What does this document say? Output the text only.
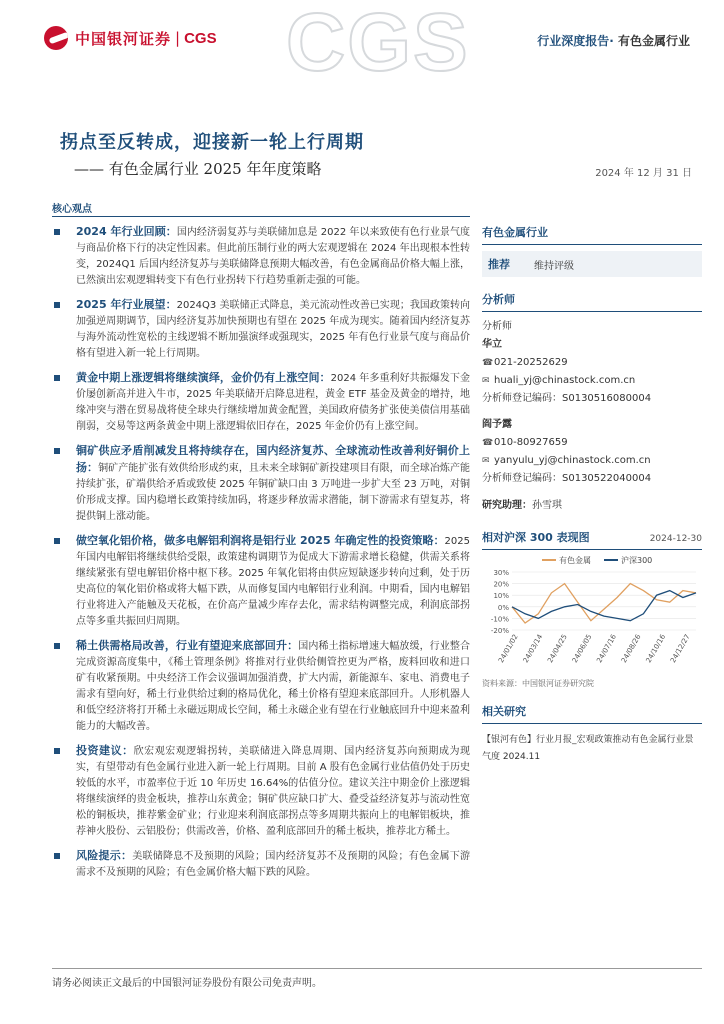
中国银河证券 | CGS CGS	行业深度报告· 有色金属行业
拐点至反转成，迎接新一轮上行周期
—— 有色金属行业 2025 年年度策略	2024 年 12 月 31 日
核心观点
2024 年行业回顾：国内经济弱复苏与美联储加息是 2022 年以来致使有色行业景气度与商品价格下行的决定性因素。但此前压制行业的两大宏观逻辑在 2024 年出现根本性转变，2024Q1 后国内经济复苏与美联储降息预期大幅改善，有色金属商品价格大幅上涨，已然演出宏观逻辑转变下有色行业拐转下行趋势重新走强的可能。
2025 年行业展望：2024Q3 美联储正式降息，美元流动性改善已实现；我国政策转向加强逆周期调节，国内经济复苏加快预期也有望在 2025 年成为现实。随着国内经济复苏与海外流动性宽松的主线逻辑不断加强演绎或强现实，2025 年有色行业景气度与商品价格有望进入新一轮上行周期。
黄金中期上涨逻辑将继续演绎，金价仍有上涨空间：2024 年多重利好共振爆发下金价屡创新高并进入牛市，2025 年美联储开启降息进程，黄金 ETF 基金及黄金的增持，地缘冲突与潜在贸易战将使全球央行继续增加黄金配置，美国政府债务扩张使美债信用基础削弱，交易等这两条黄金中期上涨逻辑依旧存在，2025 年金价仍有上涨空间。
铜矿供应矛盾削减发且将持续存在，国内经济复苏、全球流动性改善利好铜价上扬：铜矿产能扩张有效供给形成约束，且未来全球铜矿新投建项目有限，而全球冶炼产能持续扩张，矿端供给矛盾或致使 2025 年铜矿缺口由 3 万吨进一步扩大至 23 万吨，对铜价形成支撑。国内稳增长政策持续加码，将逐步释放需求潜能，制下游需求有望复苏，将提供铜上涨动能。
做空氧化铝价格，做多电解铝利润将是铝行业 2025 年确定性的投资策略：2025 年国内电解铝将继续供给受限，政策建构调期节为促成大下游需求增长稳健，供需关系将继续紧张有望电解铝价格中枢下移。2025 年氧化铝将由供应短缺逐步转向过剩，处于历史高位的氧化铝价格或将大幅下跌，从而修复国内电解铝行业利润。中期看，国内电解铝行业将进入产能触及天花板，在价高产量减少库存去化，需求结构调整完成，利润底部拐点等多重共振回归周期。
稀土供需格局改善，行业有望迎来底部回升：国内稀土指标增速大幅放缓，行业整合完成资源高度集中，《稀土管理条例》将推对行业供给侧管控更为严格，废料回收和进口矿有收紧预期。中央经济工作会议强调加强消费，扩大内需，新能源车、家电、消费电子需求有望向好，稀土行业供给过剩的格局优化，稀土价格有望迎来底部回升。人形机器人和低空经济将打开稀土永磁远期成长空间，稀土永磁企业有望在行业触底回升中迎来盈利能力的大幅改善。
投资建议：欣宏观宏观逻辑拐转，美联储进入降息周期、国内经济复苏向预期成为现实，有望带动有色金属行业进入新一轮上行周期。目前 A 股有色金属行业估值仍处于历史较低的水平，市盈率位于近 10 年历史 16.64%的估值分位。建议关注中期金价上涨逻辑将继续演绎的贵金板块，推荐山东黄金；铜矿供应缺口扩大、叠受益经济复苏与流动性宽松的铜板块，推荐紫金矿业；行业迎来利润底部拐点等多周期共振向上的电解铝板块，推荐神火股份、云铝股份；供需改善，价格、盈利底部回升的稀土板块，推荐北方稀土。
风险提示：美联储降息不及预期的风险；国内经济复苏不及预期的风险；有色金属下游需求不及预期的风险；有色金属价格大幅下跌的风险。
有色金属行业
推荐	维持评级
分析师
分析师
华立
☎ 021-20252629
✉ huali_yj@chinastock.com.cn
分析师登记编码： S0130516080004
阎予露
☎ 010-80927659
✉ yanyulu_yj@chinastock.com.cn
分析师登记编码： S0130522040004
研究助理：孙雪琪
相对沪深 300 表现图	2024-12-30
有色金属	沪深300
30%
20%
10%
0%
-10%
-20%
24/01/02 24/03/14 24/04/25 24/06/05 24/07/16 24/08/26 24/10/16 24/12/27
资料来源：中国银河证券研究院
相关研究
【银河有色】行业月报_宏观政策推动有色金属行业景气度 2024.11
请务必阅读正文最后的中国银河证券股份有限公司免责声明。
